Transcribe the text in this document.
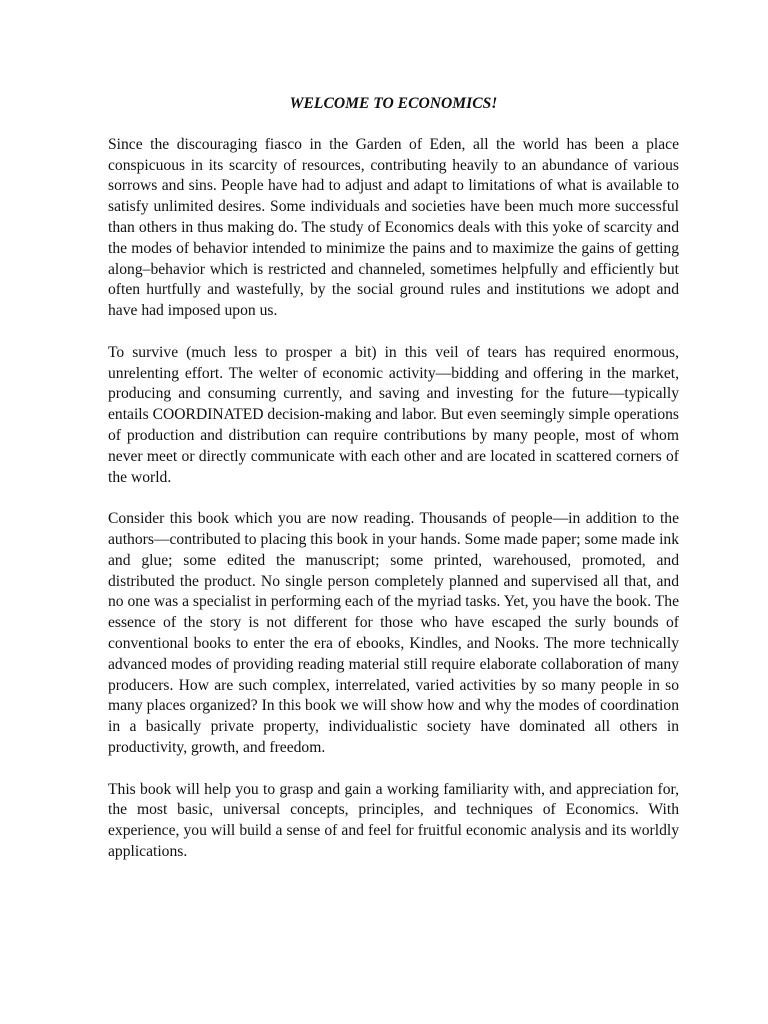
WELCOME TO ECONOMICS!

Since the discouraging fiasco in the Garden of Eden, all the world has been a place conspicuous in its scarcity of resources, contributing heavily to an abundance of various sorrows and sins. People have had to adjust and adapt to limitations of what is available to satisfy unlimited desires. Some individuals and societies have been much more successful than others in thus making do. The study of Economics deals with this yoke of scarcity and the modes of behavior intended to minimize the pains and to maximize the gains of getting along–behavior which is restricted and channeled, sometimes helpfully and efficiently but often hurtfully and wastefully, by the social ground rules and institutions we adopt and have had imposed upon us.

To survive (much less to prosper a bit) in this veil of tears has required enormous, unrelenting effort. The welter of economic activity—bidding and offering in the market, producing and consuming currently, and saving and investing for the future—typically entails COORDINATED decision-making and labor. But even seemingly simple operations of production and distribution can require contributions by many people, most of whom never meet or directly communicate with each other and are located in scattered corners of the world.

Consider this book which you are now reading. Thousands of people—in addition to the authors—contributed to placing this book in your hands. Some made paper; some made ink and glue; some edited the manuscript; some printed, warehoused, promoted, and distributed the product. No single person completely planned and supervised all that, and no one was a specialist in performing each of the myriad tasks. Yet, you have the book. The essence of the story is not different for those who have escaped the surly bounds of conventional books to enter the era of ebooks, Kindles, and Nooks. The more technically advanced modes of providing reading material still require elaborate collaboration of many producers. How are such complex, interrelated, varied activities by so many people in so many places organized? In this book we will show how and why the modes of coordination in a basically private property, individualistic society have dominated all others in productivity, growth, and freedom.

This book will help you to grasp and gain a working familiarity with, and appreciation for, the most basic, universal concepts, principles, and techniques of Economics. With experience, you will build a sense of and feel for fruitful economic analysis and its worldly applications.
